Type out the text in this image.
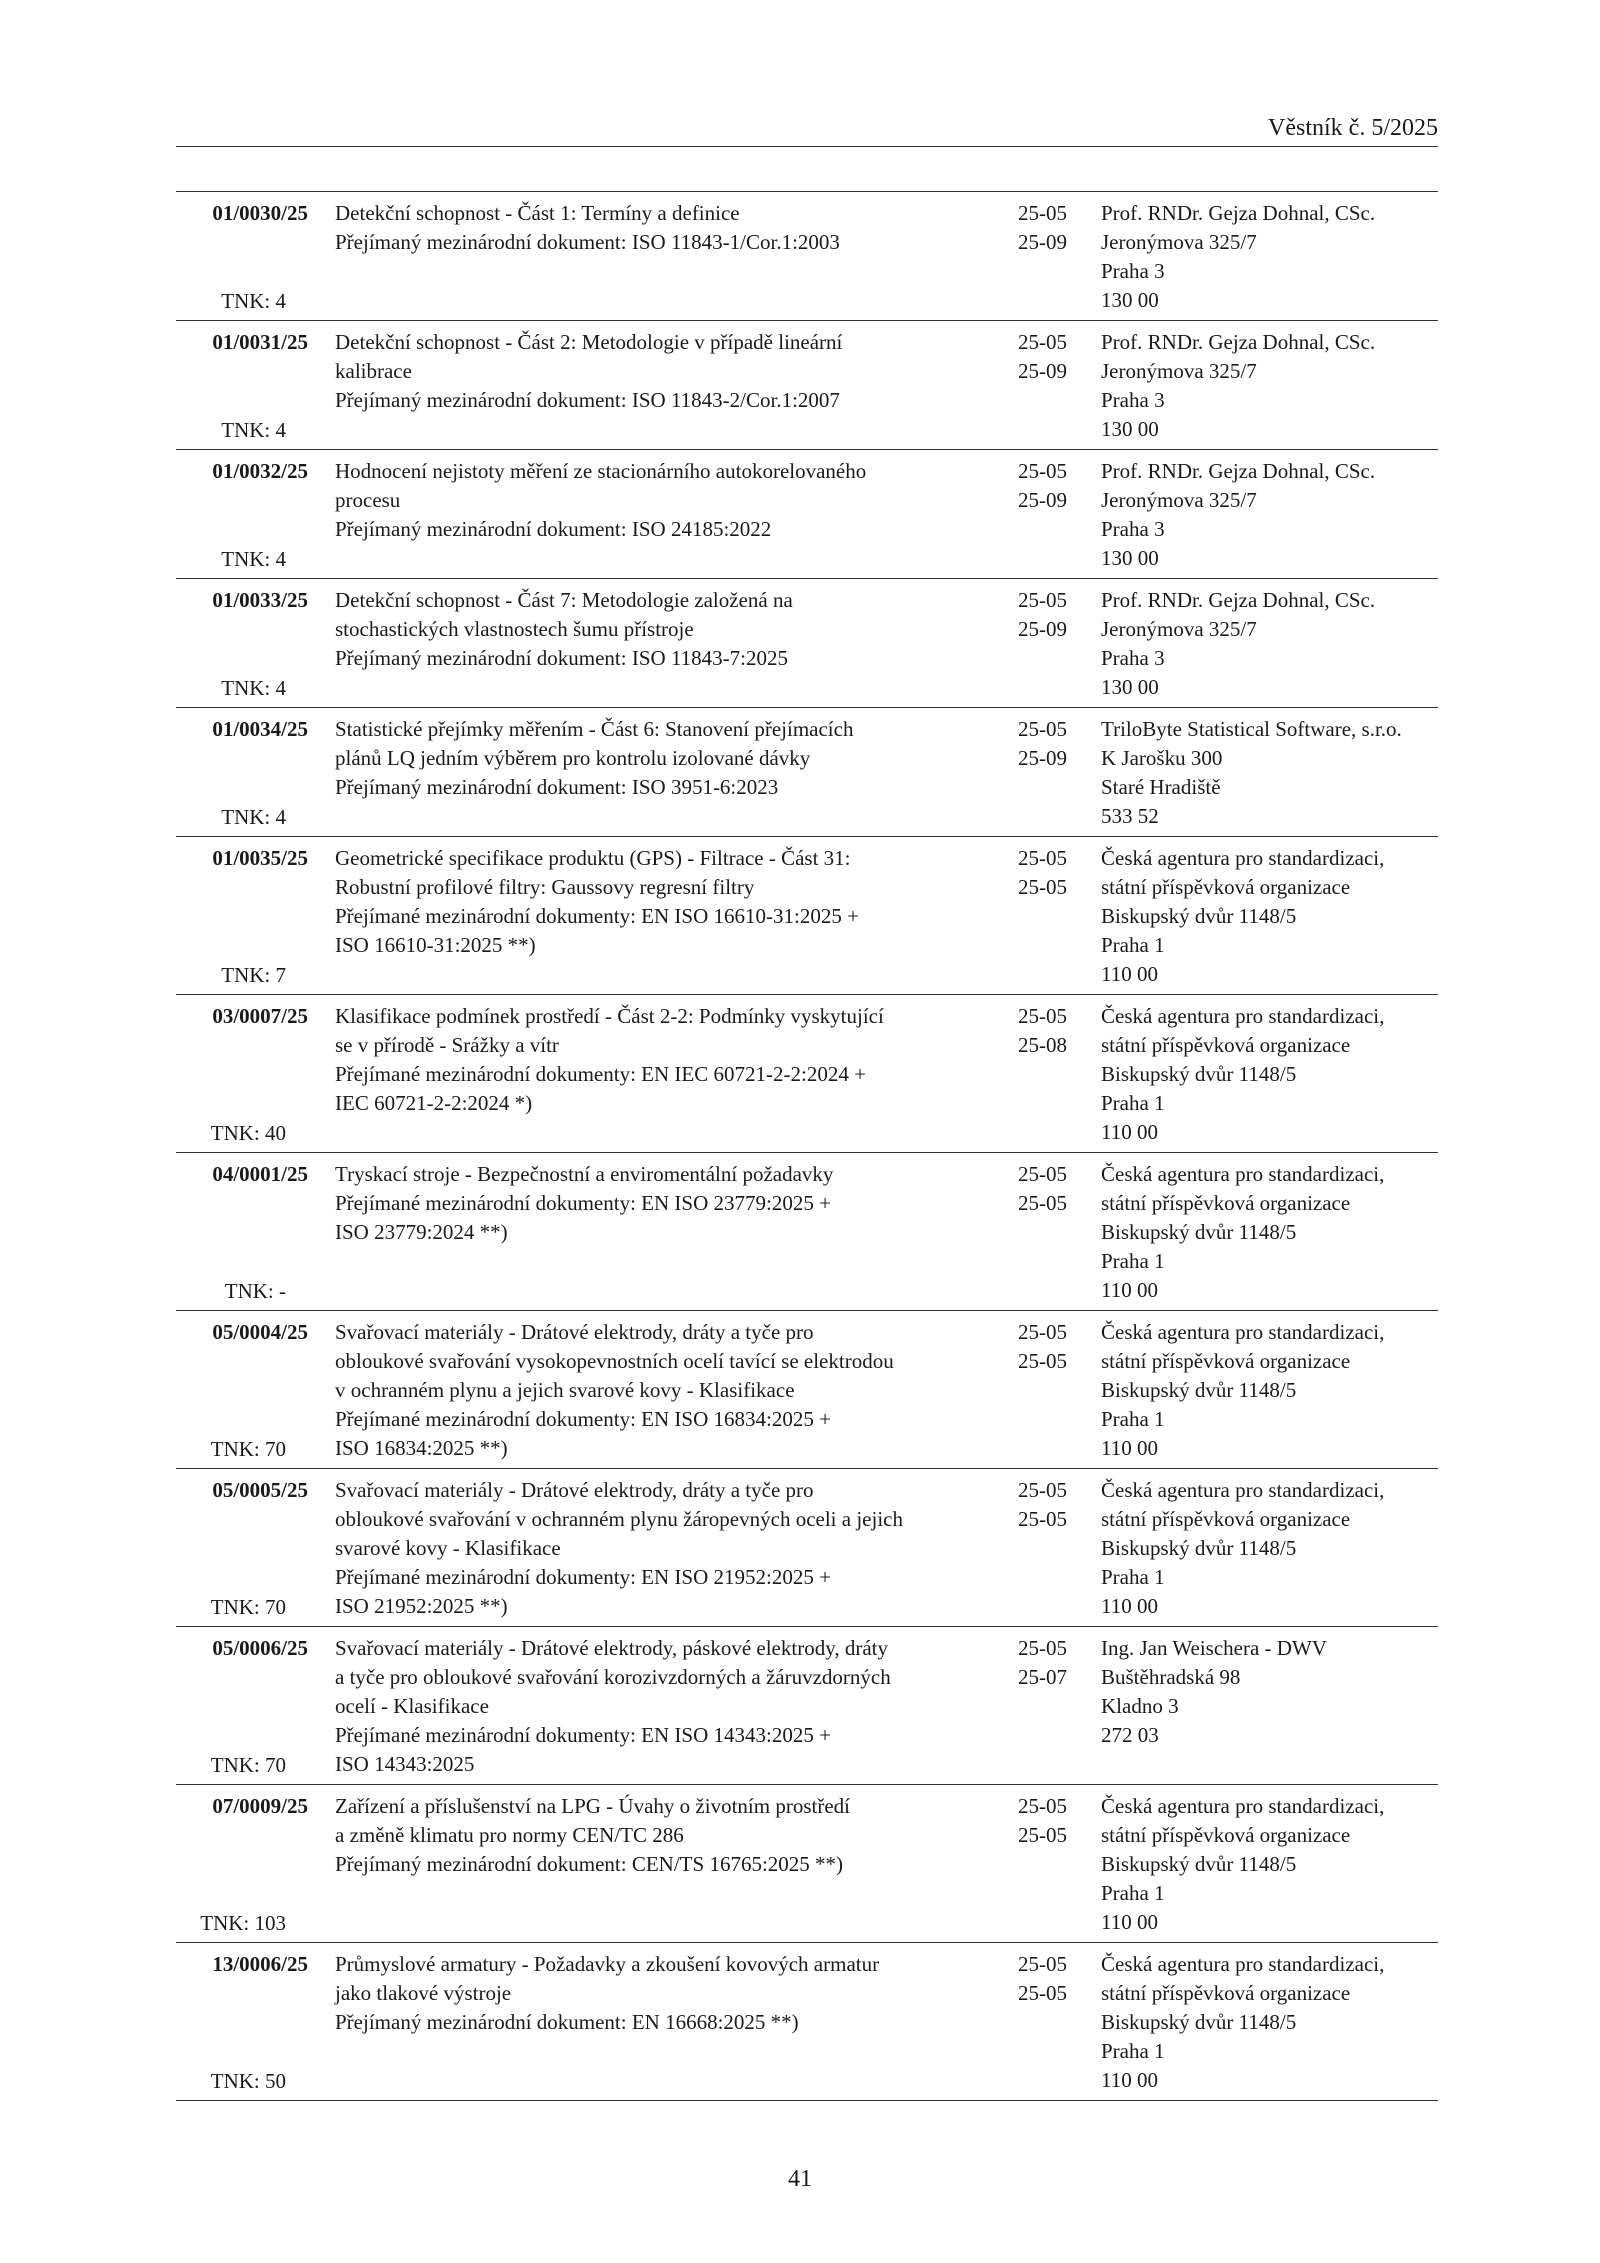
Věstník č. 5/2025
01/0030/25
TNK: 4
Detekční schopnost - Část 1: Termíny a definice
Přejímaný mezinárodní dokument: ISO 11843-1/Cor.1:2003
25-05
25-09
Prof. RNDr. Gejza Dohnal, CSc.
Jeronýmova 325/7
Praha 3
130 00
01/0031/25
TNK: 4
Detekční schopnost - Část 2: Metodologie v případě lineární
kalibrace
Přejímaný mezinárodní dokument: ISO 11843-2/Cor.1:2007
25-05
25-09
Prof. RNDr. Gejza Dohnal, CSc.
Jeronýmova 325/7
Praha 3
130 00
01/0032/25
TNK: 4
Hodnocení nejistoty měření ze stacionárního autokorelovaného
procesu
Přejímaný mezinárodní dokument: ISO 24185:2022
25-05
25-09
Prof. RNDr. Gejza Dohnal, CSc.
Jeronýmova 325/7
Praha 3
130 00
01/0033/25
TNK: 4
Detekční schopnost - Část 7: Metodologie založená na
stochastických vlastnostech šumu přístroje
Přejímaný mezinárodní dokument: ISO 11843-7:2025
25-05
25-09
Prof. RNDr. Gejza Dohnal, CSc.
Jeronýmova 325/7
Praha 3
130 00
01/0034/25
TNK: 4
Statistické přejímky měřením - Část 6: Stanovení přejímacích
plánů LQ jedním výběrem pro kontrolu izolované dávky
Přejímaný mezinárodní dokument: ISO 3951-6:2023
25-05
25-09
TriloByte Statistical Software, s.r.o.
K Jarošku 300
Staré Hradiště
533 52
01/0035/25
TNK: 7
Geometrické specifikace produktu (GPS) - Filtrace - Část 31:
Robustní profilové filtry: Gaussovy regresní filtry
Přejímané mezinárodní dokumenty: EN ISO 16610-31:2025 +
ISO 16610-31:2025 **)
25-05
25-05
Česká agentura pro standardizaci,
státní příspěvková organizace
Biskupský dvůr 1148/5
Praha 1
110 00
03/0007/25
TNK: 40
Klasifikace podmínek prostředí - Část 2-2: Podmínky vyskytující
se v přírodě - Srážky a vítr
Přejímané mezinárodní dokumenty: EN IEC 60721-2-2:2024 +
IEC 60721-2-2:2024 *)
25-05
25-08
Česká agentura pro standardizaci,
státní příspěvková organizace
Biskupský dvůr 1148/5
Praha 1
110 00
04/0001/25
TNK: -
Tryskací stroje - Bezpečnostní a enviromentální požadavky
Přejímané mezinárodní dokumenty: EN ISO 23779:2025 +
ISO 23779:2024 **)
25-05
25-05
Česká agentura pro standardizaci,
státní příspěvková organizace
Biskupský dvůr 1148/5
Praha 1
110 00
05/0004/25
TNK: 70
Svařovací materiály - Drátové elektrody, dráty a tyče pro
obloukové svařování vysokopevnostních ocelí tavící se elektrodou
v ochranném plynu a jejich svarové kovy - Klasifikace
Přejímané mezinárodní dokumenty: EN ISO 16834:2025 +
ISO 16834:2025 **)
25-05
25-05
Česká agentura pro standardizaci,
státní příspěvková organizace
Biskupský dvůr 1148/5
Praha 1
110 00
05/0005/25
TNK: 70
Svařovací materiály - Drátové elektrody, dráty a tyče pro
obloukové svařování v ochranném plynu žáropevných oceli a jejich
svarové kovy - Klasifikace
Přejímané mezinárodní dokumenty: EN ISO 21952:2025 +
ISO 21952:2025 **)
25-05
25-05
Česká agentura pro standardizaci,
státní příspěvková organizace
Biskupský dvůr 1148/5
Praha 1
110 00
05/0006/25
TNK: 70
Svařovací materiály - Drátové elektrody, páskové elektrody, dráty
a tyče pro obloukové svařování korozivzdorných a žáruvzdorných
ocelí - Klasifikace
Přejímané mezinárodní dokumenty: EN ISO 14343:2025 +
ISO 14343:2025
25-05
25-07
Ing. Jan Weischera - DWV
Buštěhradská 98
Kladno 3
272 03
07/0009/25
TNK: 103
Zařízení a příslušenství na LPG - Úvahy o životním prostředí
a změně klimatu pro normy CEN/TC 286
Přejímaný mezinárodní dokument: CEN/TS 16765:2025 **)
25-05
25-05
Česká agentura pro standardizaci,
státní příspěvková organizace
Biskupský dvůr 1148/5
Praha 1
110 00
13/0006/25
TNK: 50
Průmyslové armatury - Požadavky a zkoušení kovových armatur
jako tlakové výstroje
Přejímaný mezinárodní dokument: EN 16668:2025 **)
25-05
25-05
Česká agentura pro standardizaci,
státní příspěvková organizace
Biskupský dvůr 1148/5
Praha 1
110 00
41
